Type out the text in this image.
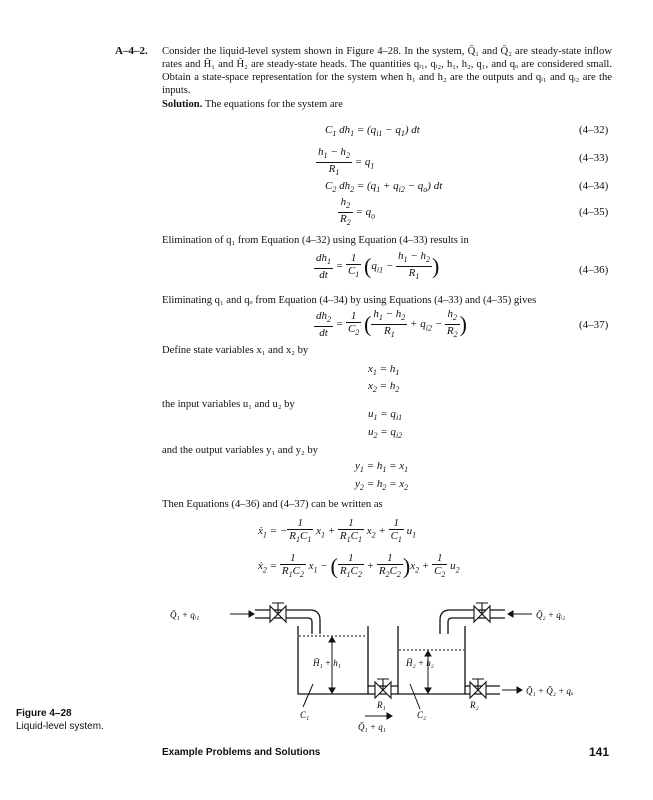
A–4–2. Consider the liquid-level system shown in Figure 4–28. In the system, Q̄₁ and Q̄₂ are steady-state inflow rates and H̄₁ and H̄₂ are steady-state heads. The quantities qᵢ₁, qᵢ₂, h₁, h₂, q₁, and qₒ are considered small. Obtain a state-space representation for the system when h₁ and h₂ are the outputs and qᵢ₁ and qᵢ₂ are the inputs.
Solution. The equations for the system are
$C_1$ $dh_1 = (q_{i1} - q_1)$ dt	(4–32)
$\frac{h_1 - h_2}{R_1} = q_1$
(4–33)
$C_2$ $dh_2 = (q_1 + q_{i2} - q_o)$ dt	(4–34)
$\frac{h_2}{R_2} = q_o$	(4–35)
Elimination of q₁ from Equation (4–32) using Equation (4–33) results in
$\frac{dh_1}{dt} = \frac{1}{C_1} (q_{i1} - \frac{h_1 - h_2}{R_1}$ )	(4–36)
Eliminating q₁ and qₒ from Equation (4–34) by using Equations (4–33) and (4–35) gives
$\frac{dh_2}{dt} = \frac{1}{C_2}$ ( $\frac{h_1 - h_2}{R_1} + q_{i2} - \frac{h_2}{R_2}$ )	(4–37)
Define state variables x₁ and x₂ by
$x_1 = h_1$
$x_2 = h_2$
the input variables u₁ and u₂ by
$u_1 = q_{i1}$
$u_2 = q_{i2}$
and the output variables y₁ and y₂ by
$y_1 = h_1 = x_1$
$y_2 = h_2 = x_2$
Then Equations (4–36) and (4–37) can be written as
ẋ$_1$ = − $\frac{1}{R_1C_1} x_1 + \frac{1}{R_1C_1} x_2 + \frac{1}{C_1} u_1$
ẋ$_2$ = $\frac{1}{R_1C_2} x_1$ − ( $\frac{1}{R_1C_2} + \frac{1}{R_2C_2} )x_2 + \frac{1}{C_2} u_2$
Q̄₁ + qᵢ₁	Q̄₂ + qᵢ₂
H̄₁ + h₁	H̄₂ + h₂
C₁	C₂
R₁	R₂
Q̄₁ + q₁
Q̄₁ + Q̄₂ + qₒ
Figure 4–28
Liquid-level system.
Example Problems and Solutions	141
